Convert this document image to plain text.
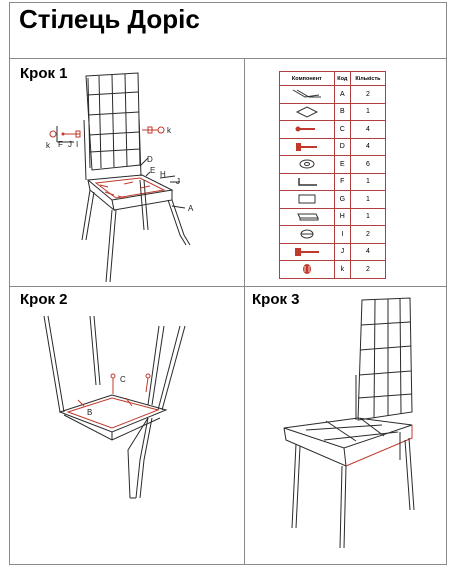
Стілець Доріс
Крок 1
Крок 2	Крок 3
k F J I
k
D
E H
J
A
B
C
Компонент	Код	Кількість

	A	2

	B	1

	C	4

	D	4

	E	6

	F	1

	G	1

	H	1

	I	2

	J	4

	k	2
